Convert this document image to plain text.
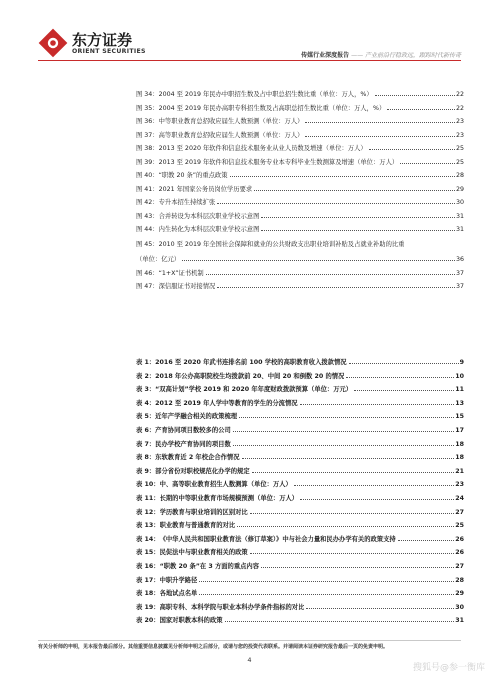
东方证券
ORIENT SECURITIES
传媒行业深度报告 —— 产业前沿行稳致远，跟踪时代新传奇
图 34： 2004 至 2019 年民办中职招生数及占中职总招生数比重（单位：万人，%）	22
图 35： 2004 至 2019 年民办高职专科招生数及占高职总招生数比重（单位：万人，%）	22
图 36： 中等职业教育总招收应届生人数预测（单位：万人）	23
图 37： 高等职业教育总招收应届生人数预测（单位：万人）	23
图 38： 2013 至 2020 年软件和信息技术服务业从业人员数及增速（单位：万人）	25
图 39： 2013 至 2019 年软件和信息技术服务专业本专科毕业生数测算及增速（单位：万人）	25
图 40： “职教 20 条”的重点政策	28
图 41： 2021 年国家公务员岗位学历要求	29
图 42： 专升本招生持续扩张	30
图 43： 合并转设为本科层次职业学校示意图	31
图 44： 内生转化为本科层次职业学校示意图	31
图 45： 2010 至 2019 年全国社会保障和就业的公共财政支出职业培训补贴及占就业补助的比重
（单位：亿元）	36
图 46： “1+X”证书机制	37
图 47： 深信服证书对接情况	37
表 1： 2016 至 2020 年武书连排名前 100 学校的高职教育收入拨款情况	9
表 2： 2018 年公办高职院校生均拨款前 20、中间 20 和倒数 20 的情况	10
表 3： “双高计划”学校 2019 和 2020 年年度财政拨款预算（单位：万元）	11
表 4： 2012 至 2019 年人学中等教育的学生的分流情况	13
表 5： 近年产学融合相关的政策梳理	15
表 6： 产育协同项目数较多的公司	17
表 7： 民办学校产育协同的项目数	18
表 8： 东软教育近 2 年校企合作情况	18
表 9： 部分省份对职校规范化办学的规定	21
表 10： 中、高等职业教育招生人数测算（单位：万人）	23
表 11： 长期的中等职业教育市场规模预测（单位：万人）	24
表 12： 学历教育与职业培训的区别对比	27
表 13： 职业教育与普通教育的对比	25
表 14： 《中华人民共和国职业教育法（修订草案）》中与社会力量和民办办学有关的政策支持	26
表 15： 民促法中与职业教育相关的政策	26
表 16： “职教 20 条”在 3 方面的重点内容	27
表 17： 中职升学路径	28
表 18： 各地试点名单	29
表 19： 高职专科、本科学院与职业本科办学条件指标的对比	30
表 20： 国家对职教本科的政策	31
有关分析师的申明，见本报告最后部分。其他重要信息披露见分析师申明之后部分，或请与您的投资代表联系。并请阅读本证券研究报告最后一页的免责申明。
4
搜狐号@参一衡库
